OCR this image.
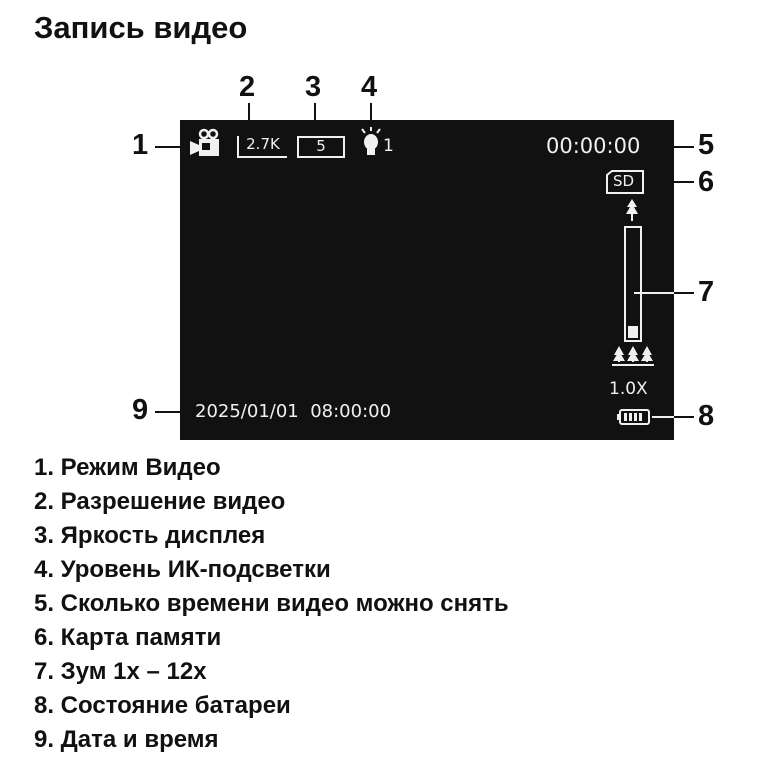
Запись видео
1
2 3 4
5
6
7
8
9
2.7K	5	1	00:00:00
SD
1.0X
2025/01/01  08:00:00
1. Режим Видео
2. Разрешение видео
3. Яркость дисплея
4. Уровень ИК-подсветки
5. Сколько времени видео можно снять
6. Карта памяти
7. Зум 1x – 12x
8. Состояние батареи
9. Дата и время
